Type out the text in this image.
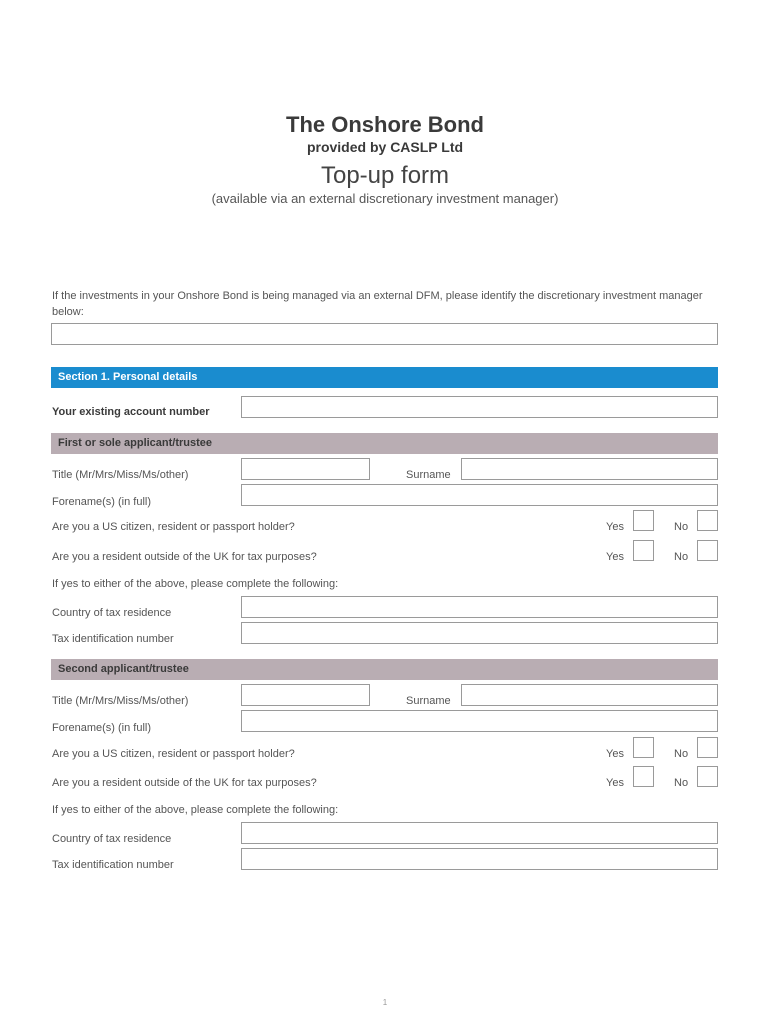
The Onshore Bond
provided by CASLP Ltd
Top-up form
(available via an external discretionary investment manager)
If the investments in your Onshore Bond is being managed via an external DFM, please identify the discretionary investment manager below:
Section 1. Personal details
Your existing account number
First or sole applicant/trustee
Title (Mr/Mrs/Miss/Ms/other)	Surname
Forename(s) (in full)
Are you a US citizen, resident or passport holder?	Yes	No
Are you a resident outside of the UK for tax purposes?	Yes	No
If yes to either of the above, please complete the following:
Country of tax residence
Tax identification number
Second applicant/trustee
Title (Mr/Mrs/Miss/Ms/other)	Surname
Forename(s) (in full)
Are you a US citizen, resident or passport holder?	Yes	No
Are you a resident outside of the UK for tax purposes?	Yes	No
If yes to either of the above, please complete the following:
Country of tax residence
Tax identification number
1
